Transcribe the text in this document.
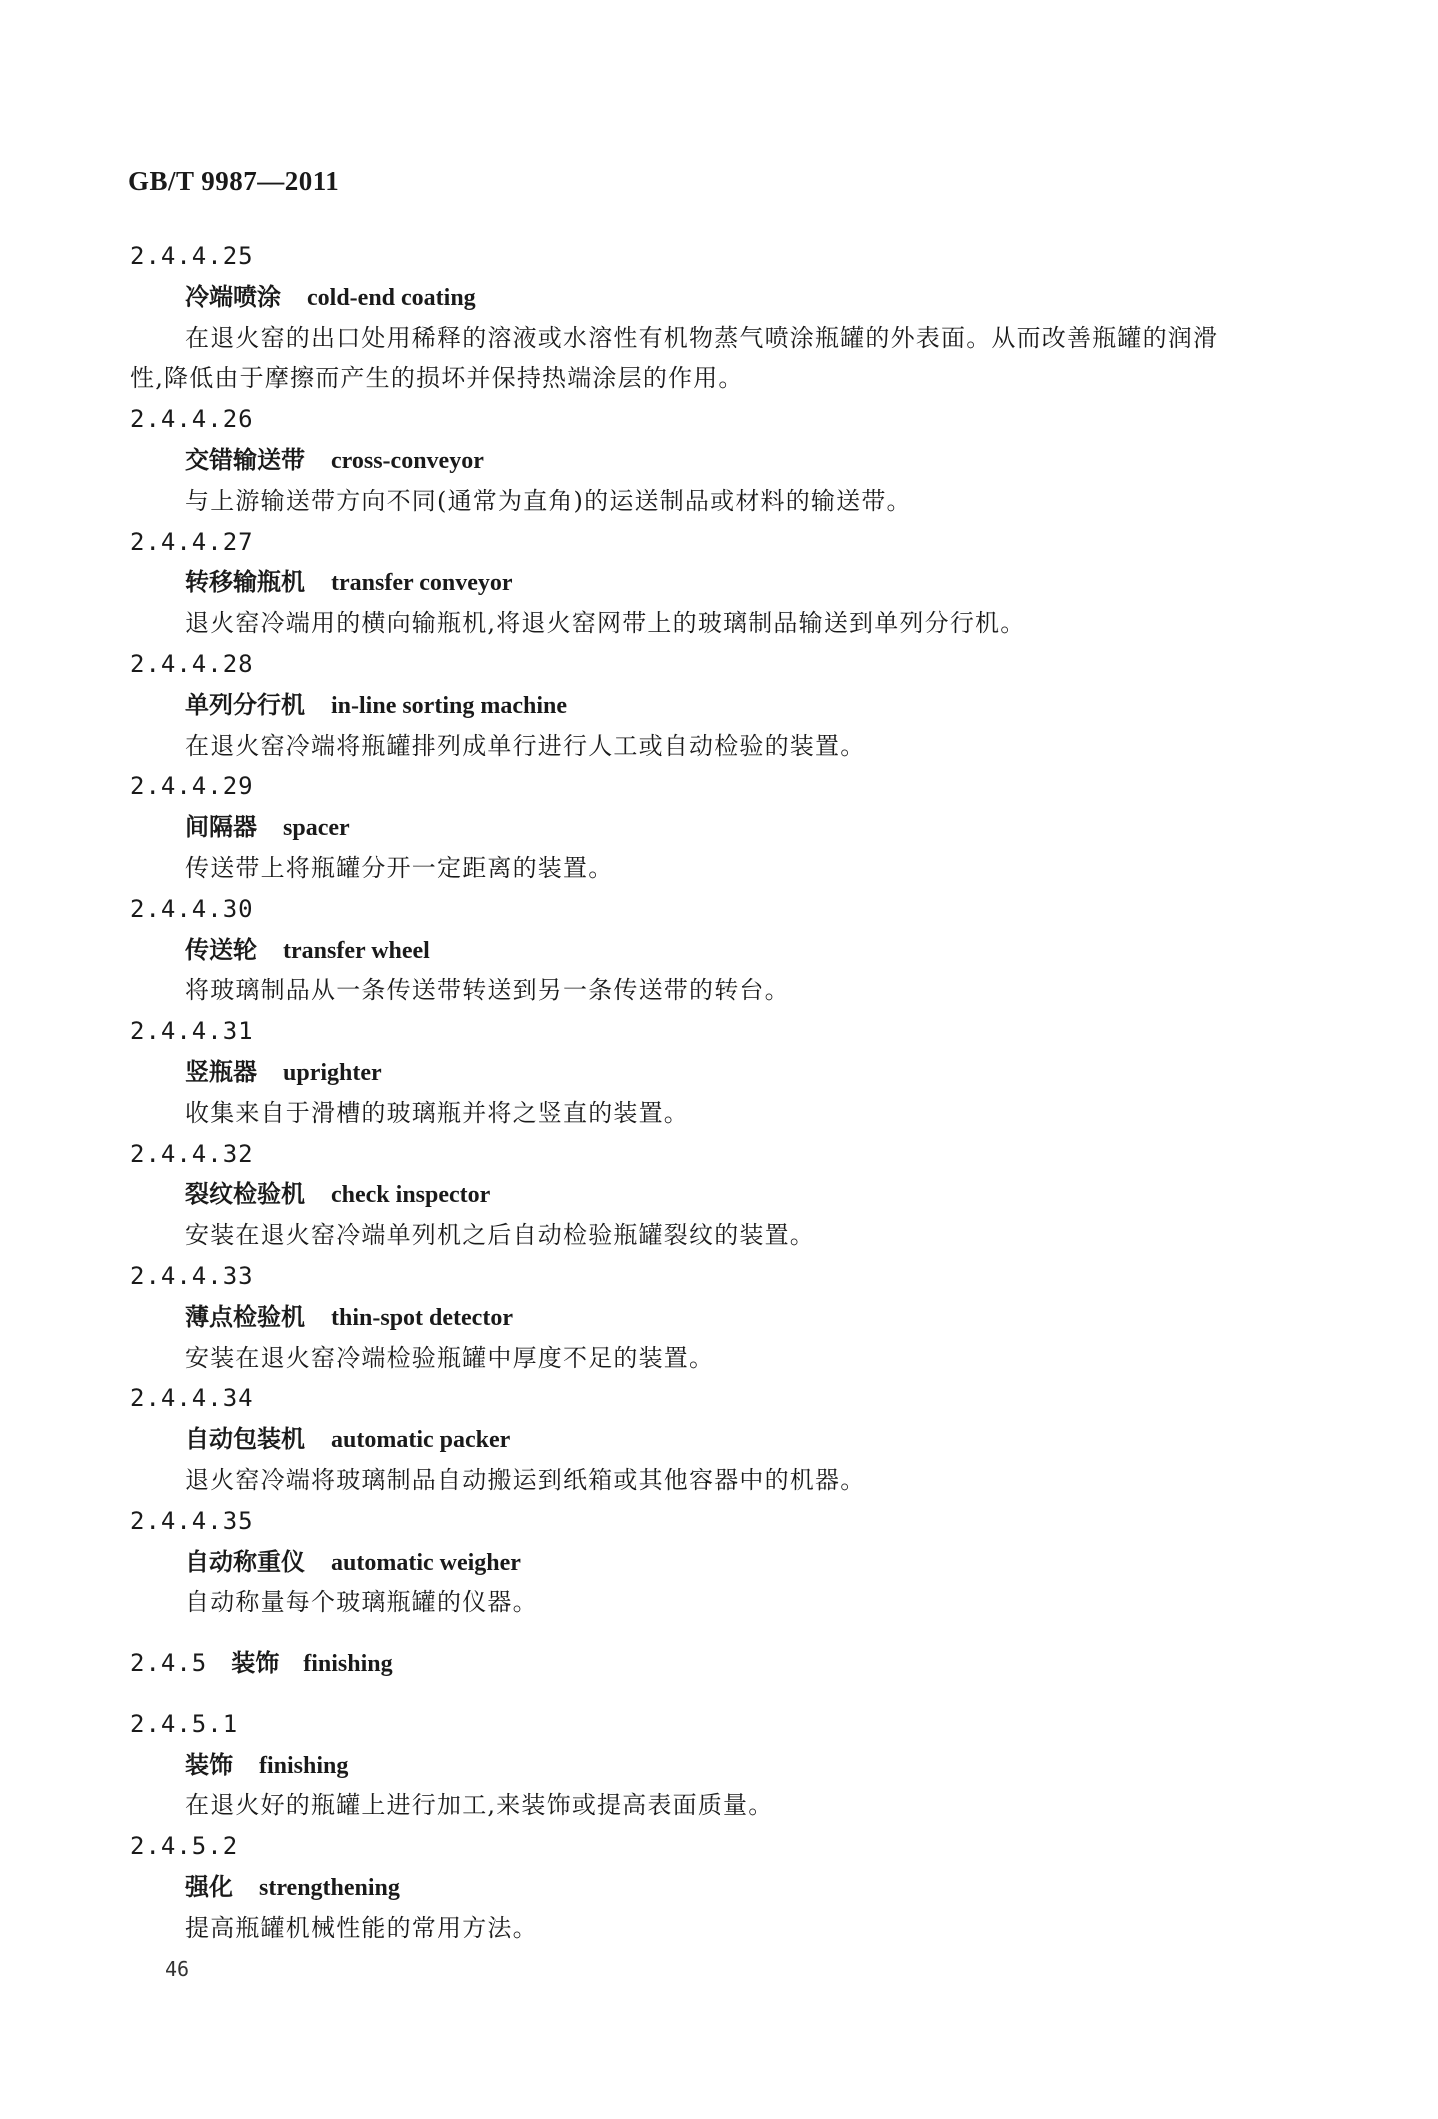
GB/T 9987—2011
2.4.4.25
冷端喷涂 cold-end coating
在退火窑的出口处用稀释的溶液或水溶性有机物蒸气喷涂瓶罐的外表面。从而改善瓶罐的润滑
性,降低由于摩擦而产生的损坏并保持热端涂层的作用。
2.4.4.26
交错输送带 cross-conveyor
与上游输送带方向不同(通常为直角)的运送制品或材料的输送带。
2.4.4.27
转移输瓶机 transfer conveyor
退火窑冷端用的横向输瓶机,将退火窑网带上的玻璃制品输送到单列分行机。
2.4.4.28
单列分行机 in-line sorting machine
在退火窑冷端将瓶罐排列成单行进行人工或自动检验的装置。
2.4.4.29
间隔器 spacer
传送带上将瓶罐分开一定距离的装置。
2.4.4.30
传送轮 transfer wheel
将玻璃制品从一条传送带转送到另一条传送带的转台。
2.4.4.31
竖瓶器 uprighter
收集来自于滑槽的玻璃瓶并将之竖直的装置。
2.4.4.32
裂纹检验机 check inspector
安装在退火窑冷端单列机之后自动检验瓶罐裂纹的装置。
2.4.4.33
薄点检验机 thin-spot detector
安装在退火窑冷端检验瓶罐中厚度不足的装置。
2.4.4.34
自动包装机 automatic packer
退火窑冷端将玻璃制品自动搬运到纸箱或其他容器中的机器。
2.4.4.35
自动称重仪 automatic weigher
自动称量每个玻璃瓶罐的仪器。
2.4.5 装饰 finishing
2.4.5.1
装饰 finishing
在退火好的瓶罐上进行加工,来装饰或提高表面质量。
2.4.5.2
强化 strengthening
提高瓶罐机械性能的常用方法。
46
